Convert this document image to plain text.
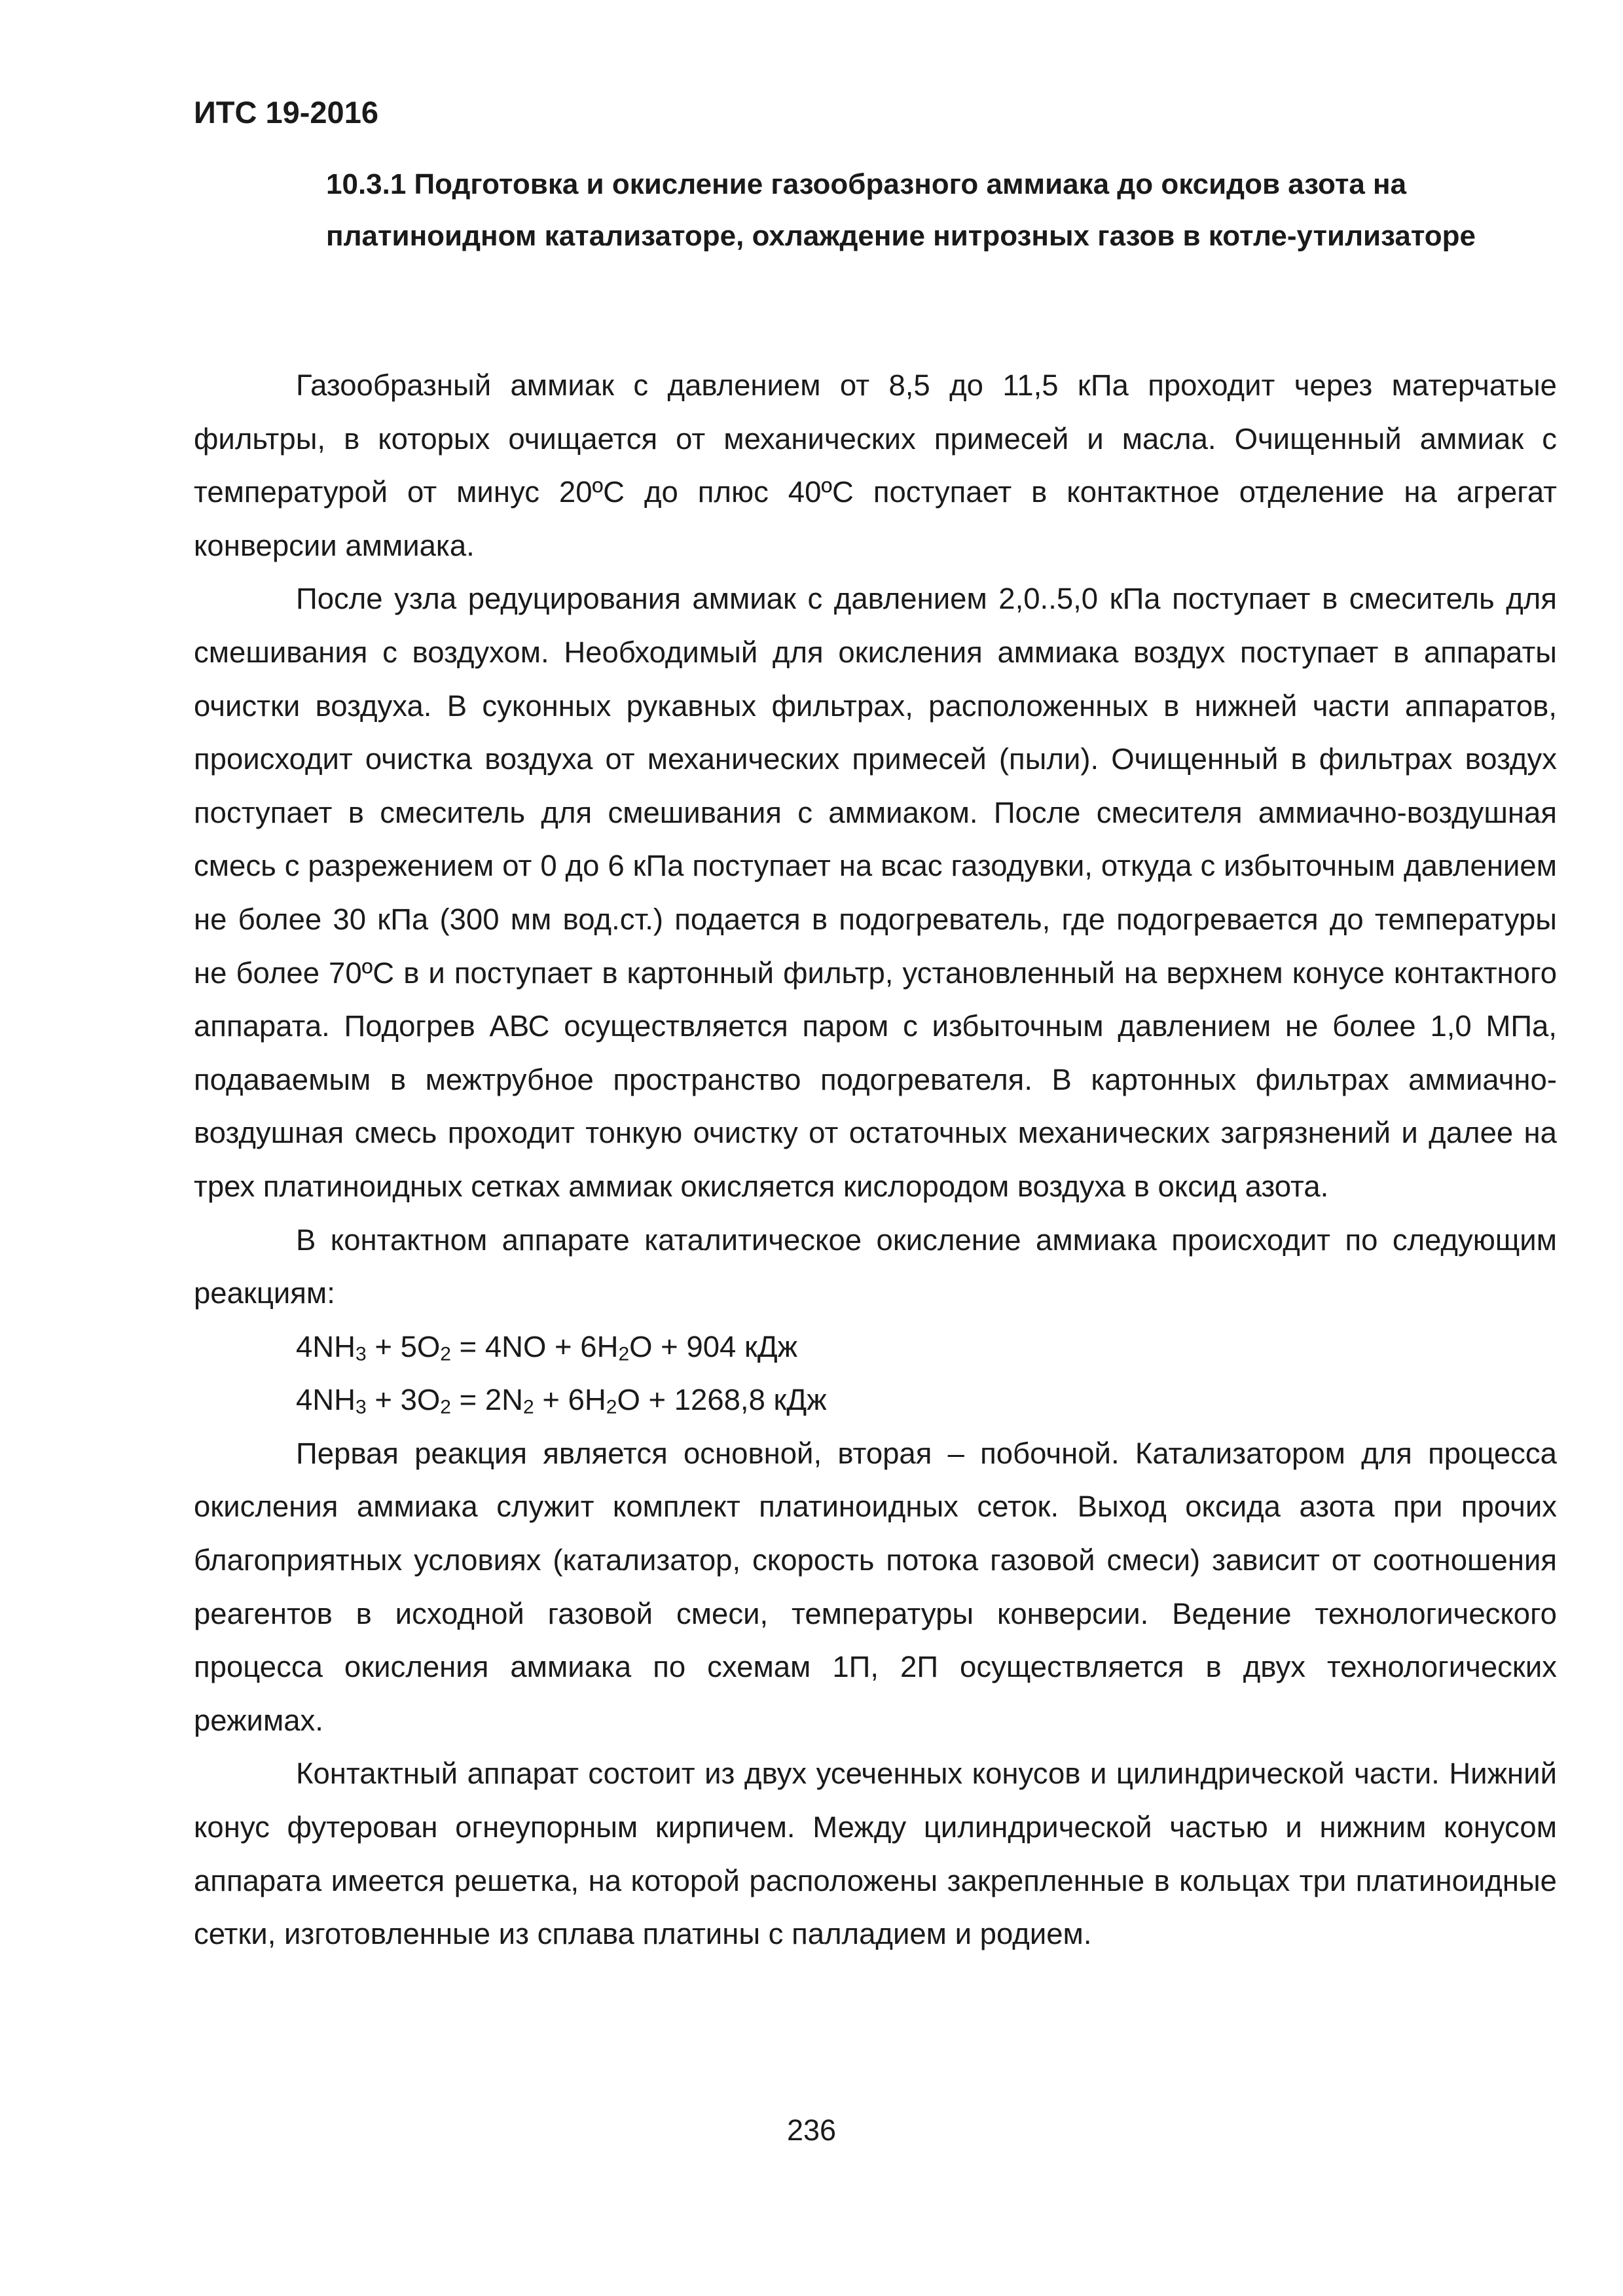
ИТС 19-2016
10.3.1 Подготовка и окисление газообразного аммиака до оксидов азота на платиноидном катализаторе, охлаждение нитрозных газов в котле-утилизаторе

Газообразный аммиак с давлением от 8,5 до 11,5 кПа проходит через матерчатые фильтры, в которых очищается от механических примесей и масла. Очищенный аммиак с температурой от минус 20ºС до плюс 40ºС поступает в контактное отделение на агрегат конверсии аммиака.

После узла редуцирования аммиак с давлением 2,0..5,0 кПа поступает в смеситель для смешивания с воздухом. Необходимый для окисления аммиака воздух поступает в аппараты очистки воздуха. В суконных рукавных фильтрах, расположенных в нижней части аппаратов, происходит очистка воздуха от механических примесей (пыли). Очищенный в фильтрах воздух поступает в смеситель для смешивания с аммиаком. После смесителя аммиачно-воздушная смесь с разрежением от 0 до 6 кПа поступает на всас газодувки, откуда с избыточным давлением не более 30 кПа (300 мм вод.ст.) подается в подогреватель, где подогревается до температуры не более 70ºС в и поступает в картонный фильтр, установленный на верхнем конусе контактного аппарата. Подогрев АВС осуществляется паром с избыточным давлением не более 1,0 МПа, подаваемым в межтрубное пространство подогревателя. В картонных фильтрах аммиачно-воздушная смесь проходит тонкую очистку от остаточных механических загрязнений и далее на трех платиноидных сетках аммиак окисляется кислородом воздуха в оксид азота.

В контактном аппарате каталитическое окисление аммиака происходит по следующим реакциям:

$4NH_3 + 5O_2 = 4NO + 6H_2O + 904$ кДж

$4NH_3 + 3O_2 = 2N_2 + 6H_2O + 1268,8$ кДж

Первая реакция является основной, вторая – побочной. Катализатором для процесса окисления аммиака служит комплект платиноидных сеток. Выход оксида азота при прочих благоприятных условиях (катализатор, скорость потока газовой смеси) зависит от соотношения реагентов в исходной газовой смеси, температуры конверсии. Ведение технологического процесса окисления аммиака по схемам 1П, 2П осуществляется в двух технологических режимах.

Контактный аппарат состоит из двух усеченных конусов и цилиндрической части. Нижний конус футерован огнеупорным кирпичем. Между цилиндрической частью и нижним конусом аппарата имеется решетка, на которой расположены закрепленные в кольцах три платиноидные сетки, изготовленные из сплава платины с палладием и родием.

236
